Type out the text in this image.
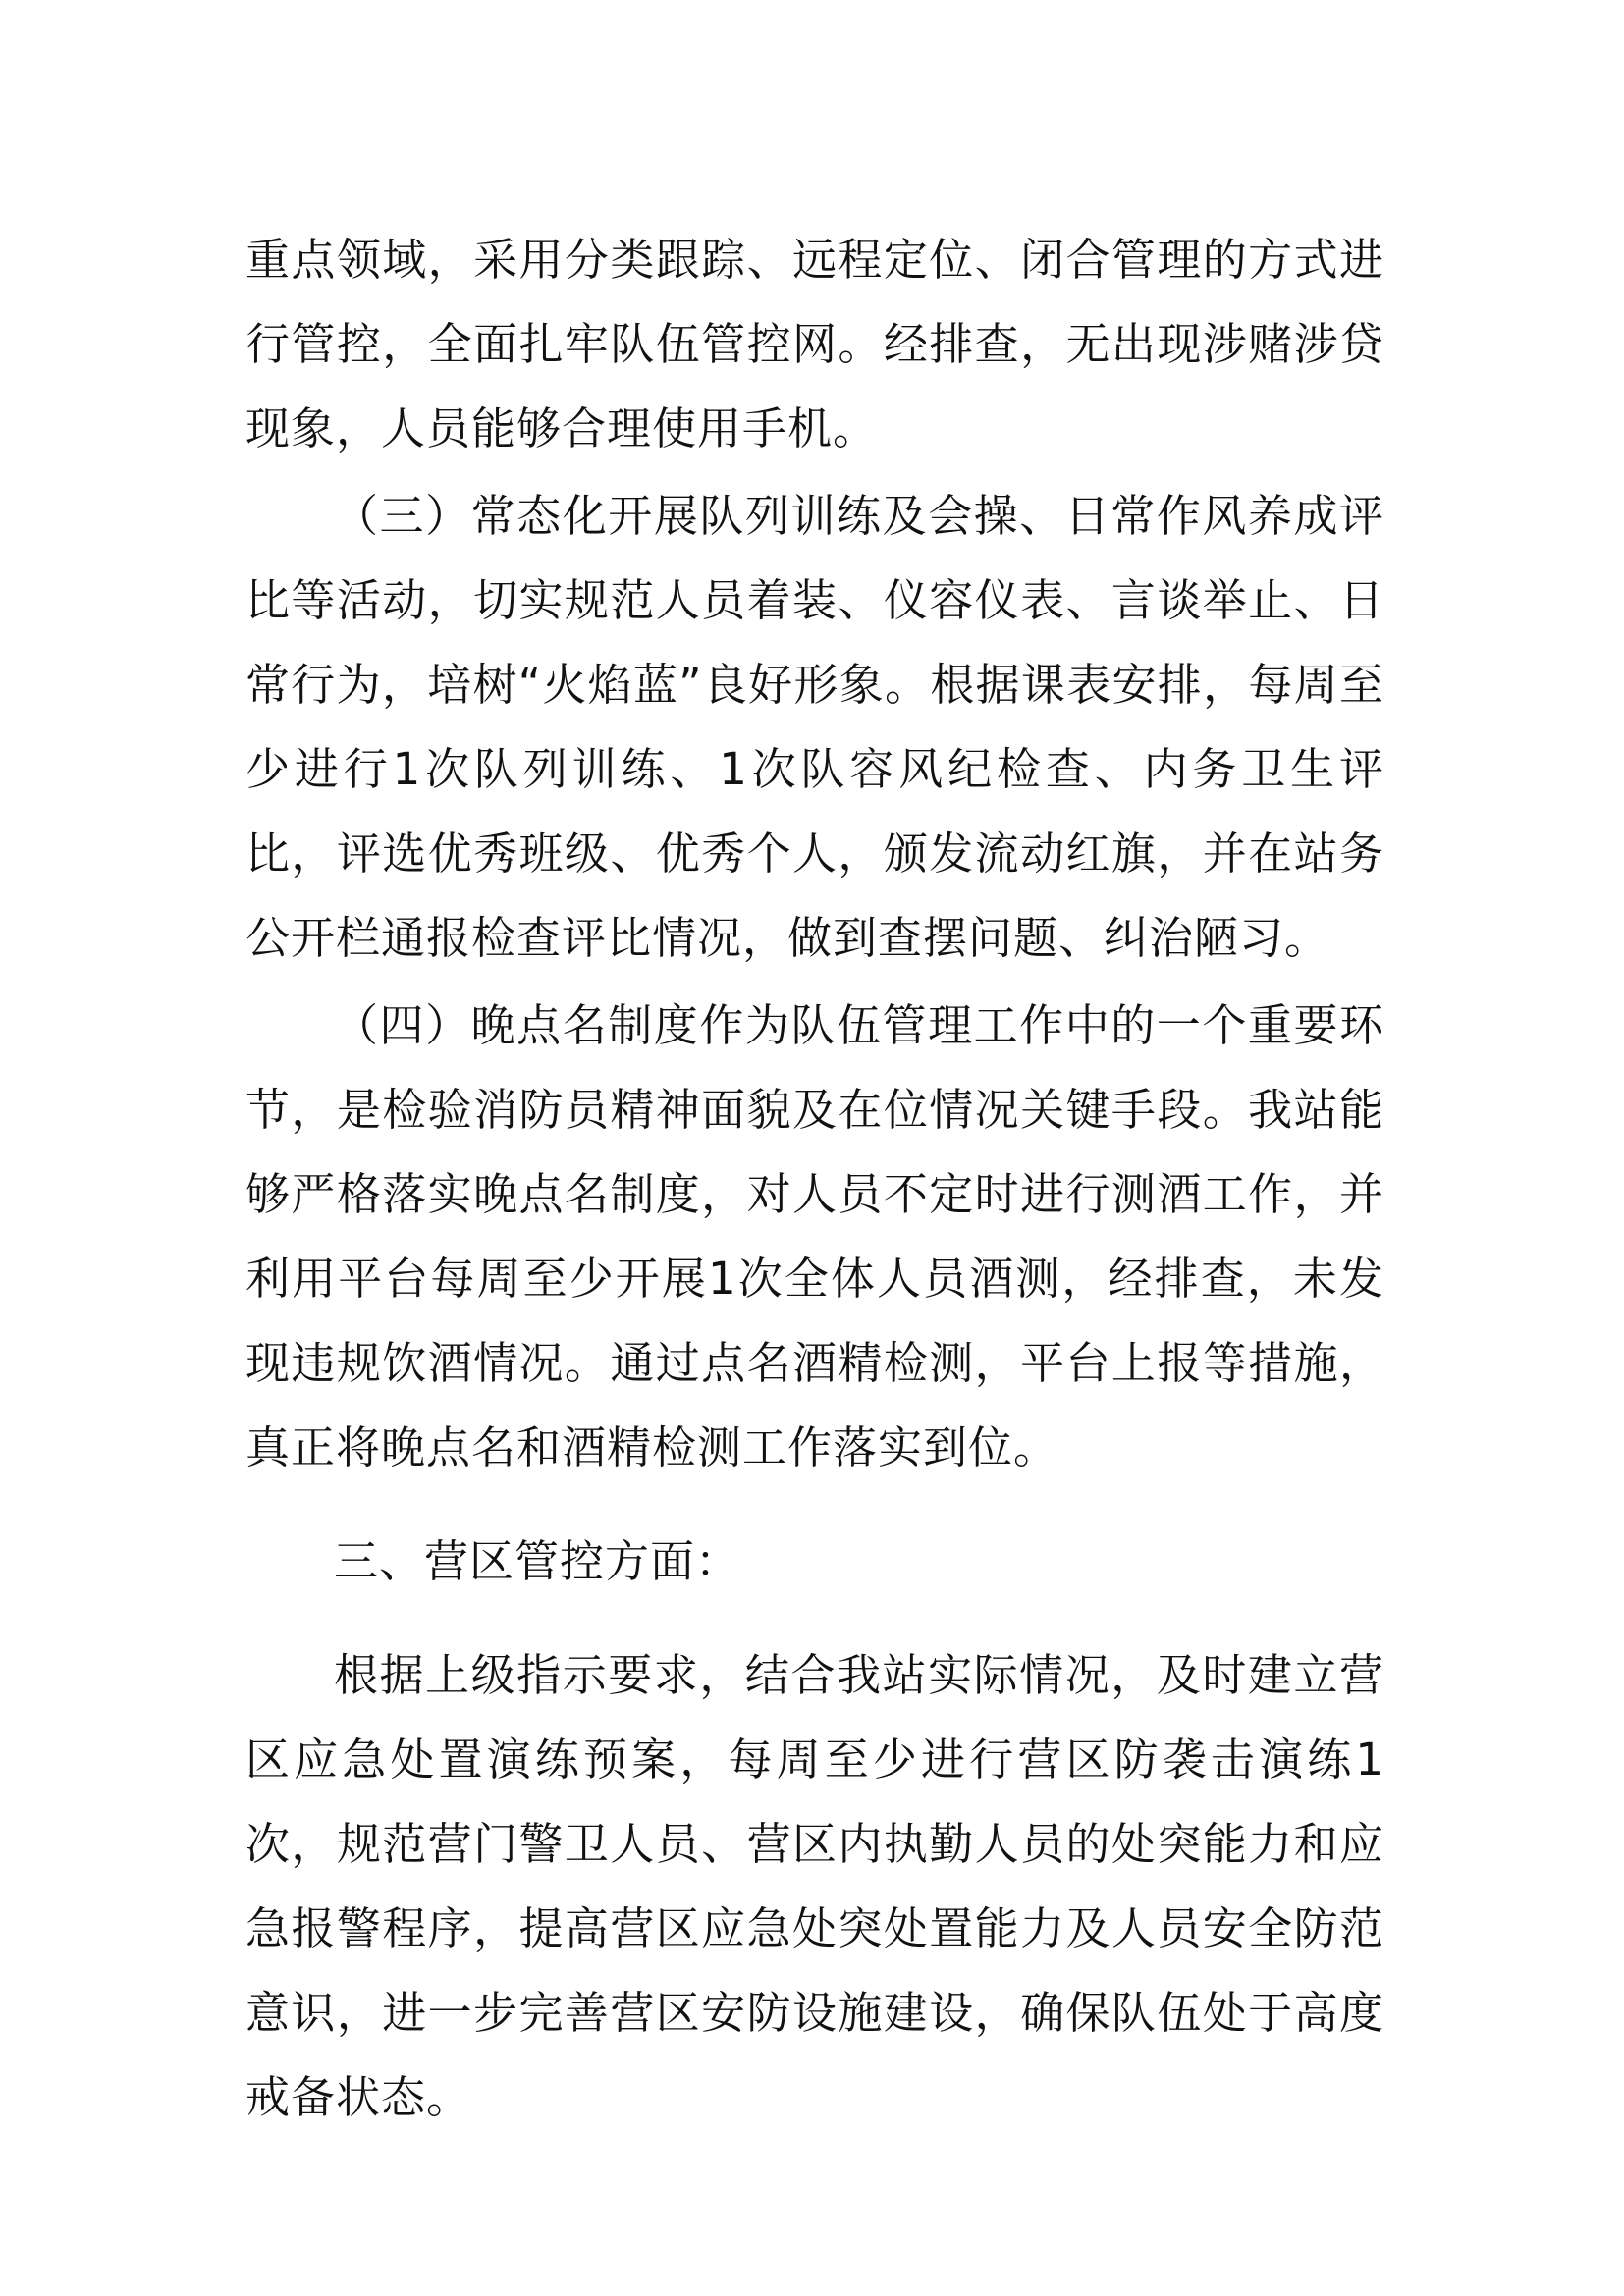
重点领域，采用分类跟踪、远程定位、闭合管理的方式进行管控，全面扎牢队伍管控网。经排查，无出现涉赌涉贷现象，人员能够合理使用手机。

（三）常态化开展队列训练及会操、日常作风养成评比等活动，切实规范人员着装、仪容仪表、言谈举止、日常行为，培树“火焰蓝”良好形象。根据课表安排，每周至少进行1次队列训练、1次队容风纪检查、内务卫生评比，评选优秀班级、优秀个人，颁发流动红旗，并在站务公开栏通报检查评比情况，做到查摆问题、纠治陋习。

（四）晚点名制度作为队伍管理工作中的一个重要环节，是检验消防员精神面貌及在位情况关键手段。我站能够严格落实晚点名制度，对人员不定时进行测酒工作，并利用平台每周至少开展1次全体人员酒测，经排查，未发现违规饮酒情况。通过点名酒精检测，平台上报等措施，真正将晚点名和酒精检测工作落实到位。

三、营区管控方面：

根据上级指示要求，结合我站实际情况，及时建立营区应急处置演练预案，每周至少进行营区防袭击演练1次，规范营门警卫人员、营区内执勤人员的处突能力和应急报警程序，提高营区应急处突处置能力及人员安全防范意识，进一步完善营区安防设施建设，确保队伍处于高度戒备状态。
